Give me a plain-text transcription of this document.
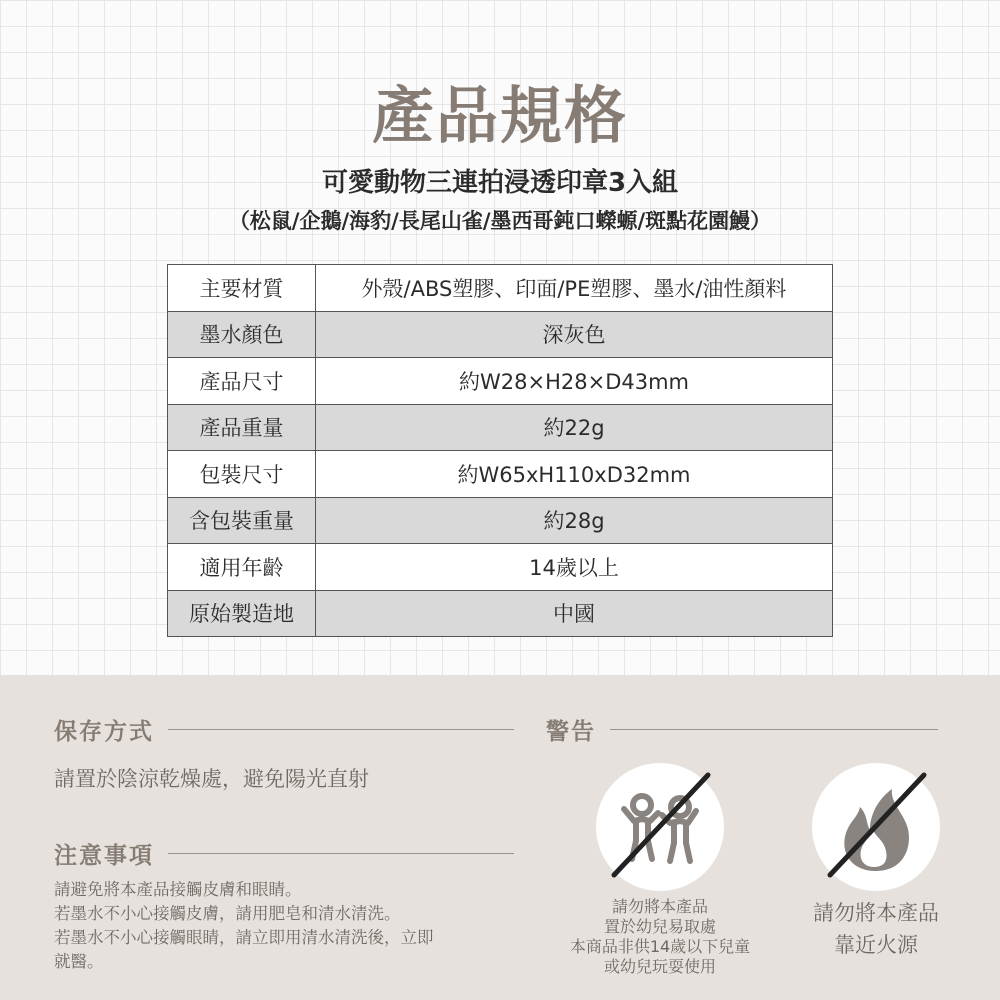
產品規格
可愛動物三連拍浸透印章3入組
（松鼠/企鵝/海豹/長尾山雀/墨西哥鈍口蠑螈/斑點花園鰻）
主要材質	外殼/ABS塑膠、印面/PE塑膠、墨水/油性顏料
墨水顏色	深灰色
產品尺寸	約W28×H28×D43mm
產品重量	約22g
包裝尺寸	約W65xH110xD32mm
含包裝重量	約28g
適用年齡	14歲以上
原始製造地	中國
保存方式
請置於陰涼乾燥處，避免陽光直射
注意事項
請避免將本產品接觸皮膚和眼睛。
若墨水不小心接觸皮膚，請用肥皂和清水清洗。
若墨水不小心接觸眼睛，請立即用清水清洗後，立即
就醫。
警告
請勿將本產品
置於幼兒易取處
本商品非供14歲以下兒童
或幼兒玩耍使用
請勿將本產品
靠近火源
